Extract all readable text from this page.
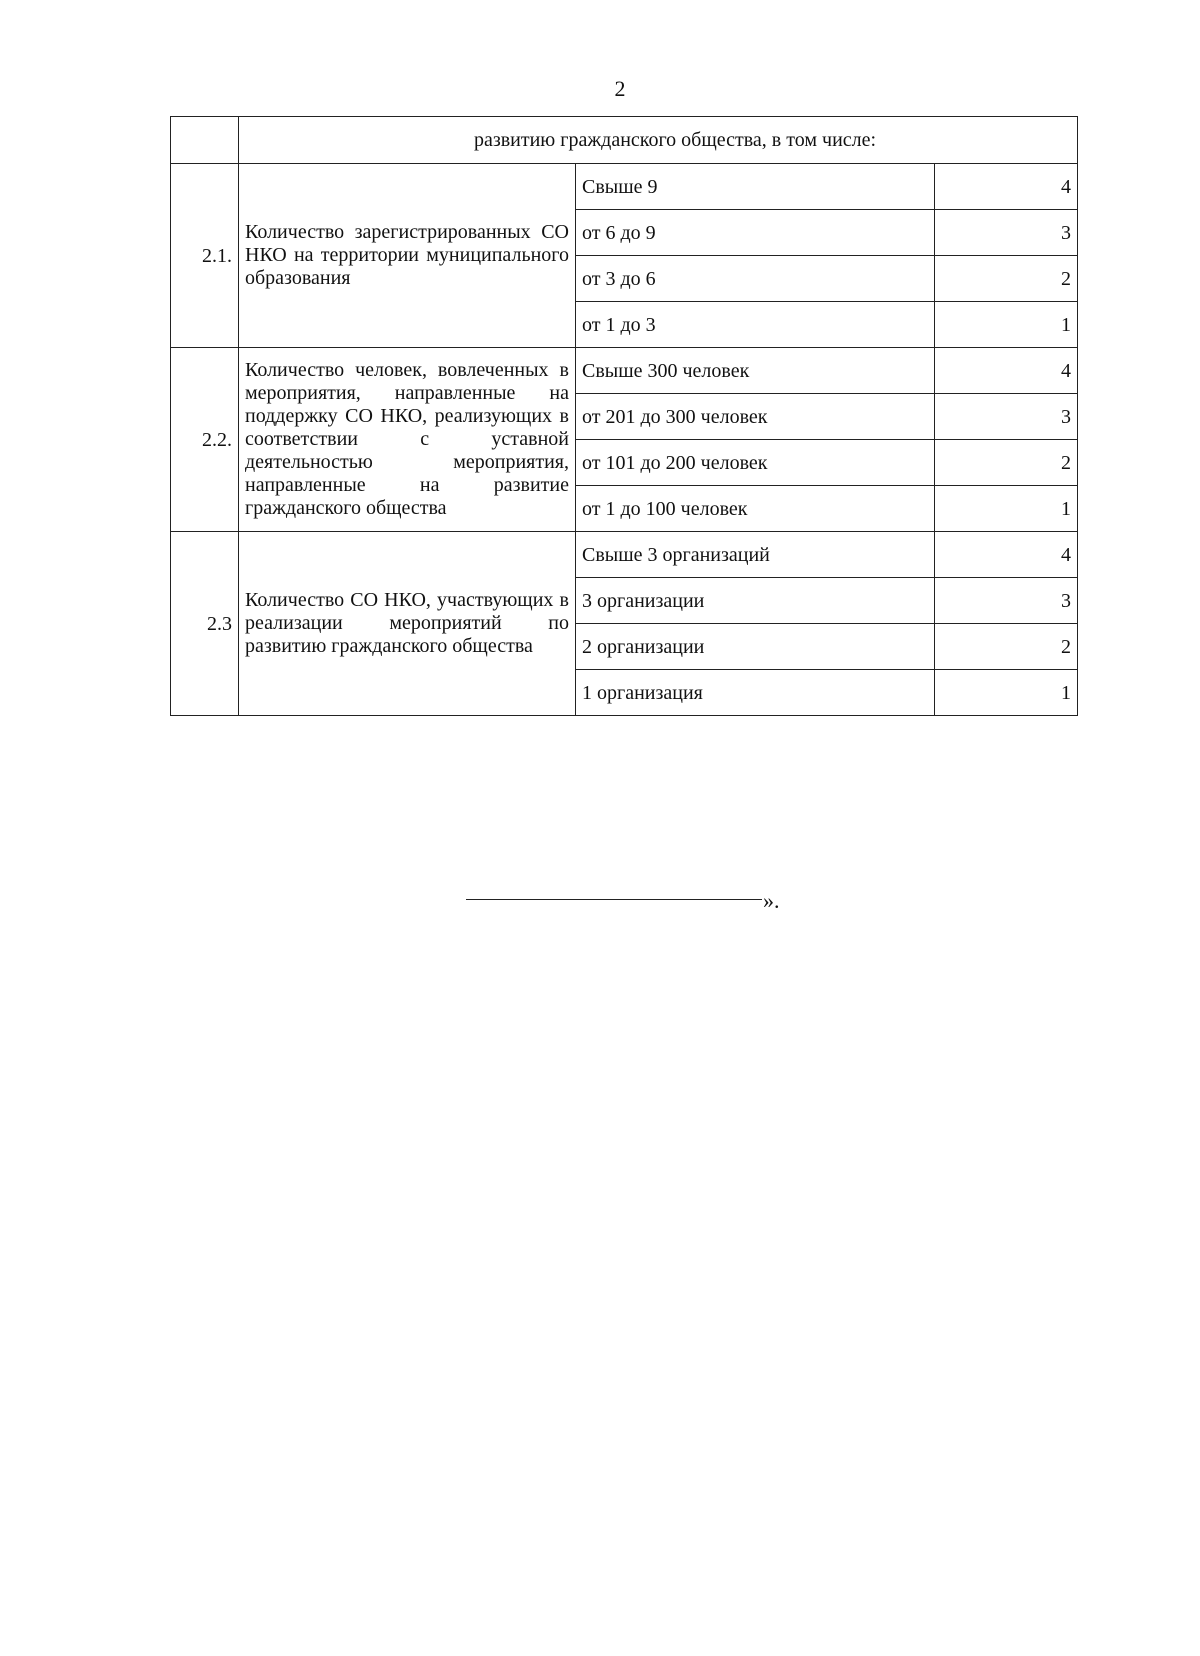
2
	развитию гражданского общества, в том числе:		
2.1.	Количество зарегистрированных СО НКО на территории муниципального образования	Свыше 9	4
		от 6 до 9	3
		от 3 до 6	2
		от 1 до 3	1
2.2.	Количество человек, вовлеченных в мероприятия, направленные на поддержку СО НКО, реализующих в соответствии с уставной деятельностью мероприятия, направленные на развитие гражданского общества	Свыше 300 человек	4
		от 201 до 300 человек	3
		от 101 до 200 человек	2
		от 1 до 100 человек	1
2.3	Количество СО НКО, участвующих в реализации мероприятий по развитию гражданского общества	Свыше 3 организаций	4
		3 организации	3
		2 организации	2
		1 организация	1
».
